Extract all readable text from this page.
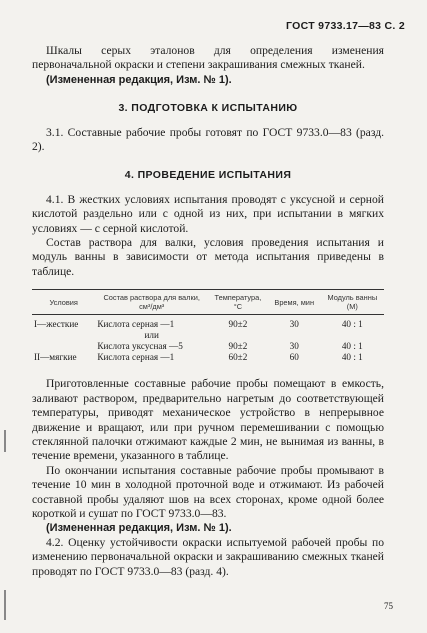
ГОСТ 9733.17—83 С. 2

Шкалы серых эталонов для определения изменения первоначальной окраски и степени закрашивания смежных тканей.

(Измененная редакция, Изм. № 1).

3. ПОДГОТОВКА К ИСПЫТАНИЮ

3.1. Составные рабочие пробы готовят по ГОСТ 9733.0—83 (разд. 2).

4. ПРОВЕДЕНИЕ ИСПЫТАНИЯ

4.1. В жестких условиях испытания проводят с уксусной и серной кислотой раздельно или с одной из них, при испытании в мягких условиях — с серной кислотой.

Состав раствора для валки, условия проведения испытания и модуль ванны в зависимости от метода испытания приведены в таблице.

Условия	Состав раствора для валки, см³/дм³	Температура, °С	Время, мин	Модуль ванны (М)
I—жесткие	Кислота серная —1	90±2	30	40 : 1
	или			
	Кислота уксусная —5	90±2	30	40 : 1
II—мягкие	Кислота серная —1	60±2	60	40 : 1

Приготовленные составные рабочие пробы помещают в емкость, заливают раствором, предварительно нагретым до соответствующей температуры, приводят механическое устройство в непрерывное движение и вращают, или при ручном перемешивании с помощью стеклянной палочки отжимают каждые 2 мин, не вынимая из ванны, в течение времени, указанного в таблице.

По окончании испытания составные рабочие пробы промывают в течение 10 мин в холодной проточной воде и отжимают. Из рабочей составной пробы удаляют шов на всех сторонах, кроме одной более короткой и сушат по ГОСТ 9733.0—83.

(Измененная редакция, Изм. № 1).

4.2. Оценку устойчивости окраски испытуемой рабочей пробы по изменению первоначальной окраски и закрашиванию смежных тканей проводят по ГОСТ 9733.0—83 (разд. 4).

75
